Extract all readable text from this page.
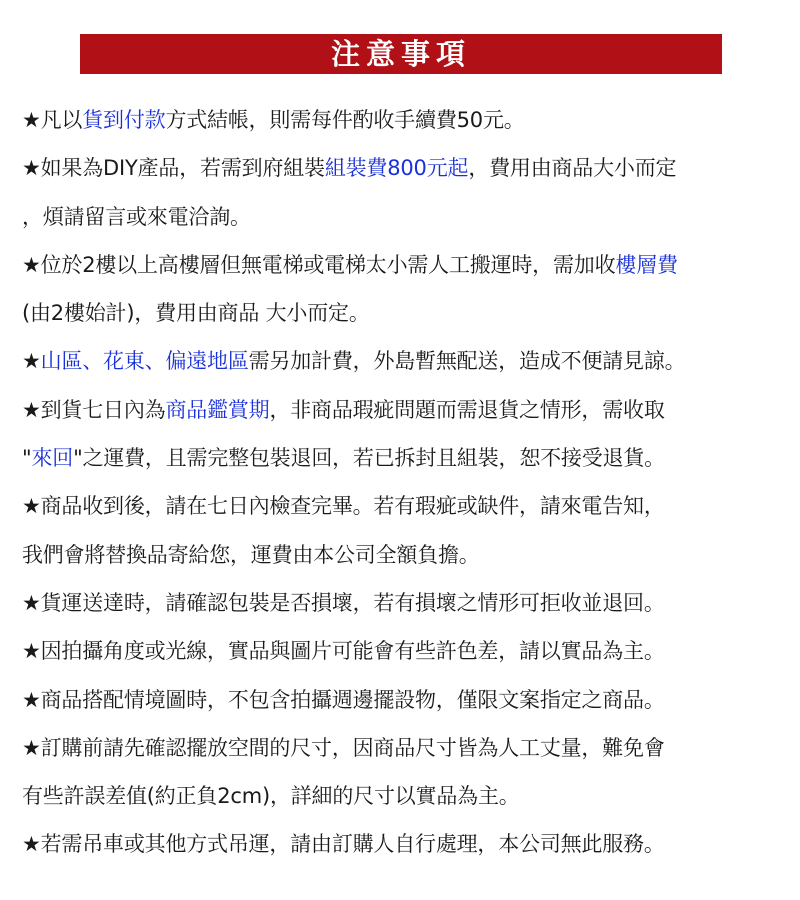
注意事項
★凡以貨到付款方式結帳，則需每件酌收手續費50元。
★如果為DIY產品，若需到府組裝組裝費800元起，費用由商品大小而定
，煩請留言或來電洽詢。
★位於2樓以上高樓層但無電梯或電梯太小需人工搬運時，需加收樓層費
(由2樓始計)，費用由商品 大小而定。
★山區、花東、偏遠地區需另加計費，外島暫無配送，造成不便請見諒。
★到貨七日內為商品鑑賞期，非商品瑕疵問題而需退貨之情形，需收取
"來回"之運費，且需完整包裝退回，若已拆封且組裝，恕不接受退貨。
★商品收到後，請在七日內檢查完畢。若有瑕疵或缺件，請來電告知，
我們會將替換品寄給您，運費由本公司全額負擔。
★貨運送達時，請確認包裝是否損壞，若有損壞之情形可拒收並退回。
★因拍攝角度或光線，實品與圖片可能會有些許色差，請以實品為主。
★商品搭配情境圖時，不包含拍攝週邊擺設物，僅限文案指定之商品。
★訂購前請先確認擺放空間的尺寸，因商品尺寸皆為人工丈量，難免會
有些許誤差值(約正負2cm)，詳細的尺寸以實品為主。
★若需吊車或其他方式吊運，請由訂購人自行處理，本公司無此服務。
